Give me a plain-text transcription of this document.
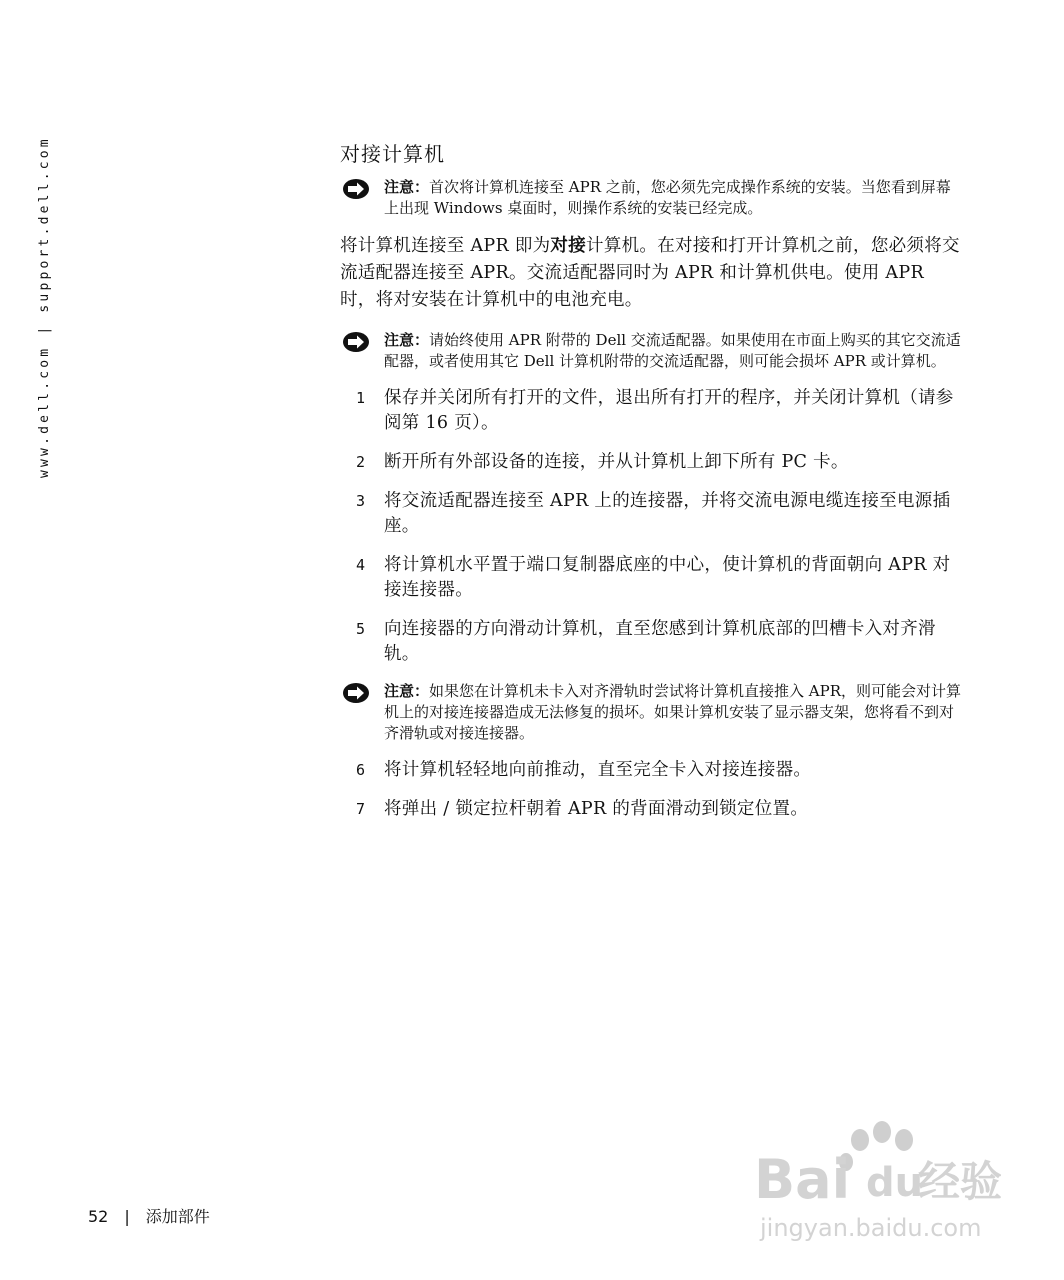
www.dell.com | support.dell.com	对接计算机
注意：首次将计算机连接至 APR 之前，您必须先完成操作系统的安装。当您看到屏幕上出现 Windows 桌面时，则操作系统的安装已经完成。

将计算机连接至 APR 即为对接计算机。在对接和打开计算机之前，您必须将交流适配器连接至 APR。交流适配器同时为 APR 和计算机供电。使用 APR 时，将对安装在计算机中的电池充电。

注意：请始终使用 APR 附带的 Dell 交流适配器。如果使用在市面上购买的其它交流适配器，或者使用其它 Dell 计算机附带的交流适配器，则可能会损坏 APR 或计算机。
1 保存并关闭所有打开的文件，退出所有打开的程序，并关闭计算机（请参阅第 16 页）。
2 断开所有外部设备的连接，并从计算机上卸下所有 PC 卡。
3 将交流适配器连接至 APR 上的连接器，并将交流电源电缆连接至电源插座。
4 将计算机水平置于端口复制器底座的中心，使计算机的背面朝向 APR 对接连接器。
5 向连接器的方向滑动计算机，直至您感到计算机底部的凹槽卡入对齐滑轨。
注意：如果您在计算机未卡入对齐滑轨时尝试将计算机直接推入 APR，则可能会对计算机上的对接连接器造成无法修复的损坏。如果计算机安装了显示器支架，您将看不到对齐滑轨或对接连接器。
6 将计算机轻轻地向前推动，直至完全卡入对接连接器。
7 将弹出 / 锁定拉杆朝着 APR 的背面滑动到锁定位置。
Bai du
经验
jingyan.baidu.com
52 | 添加部件
